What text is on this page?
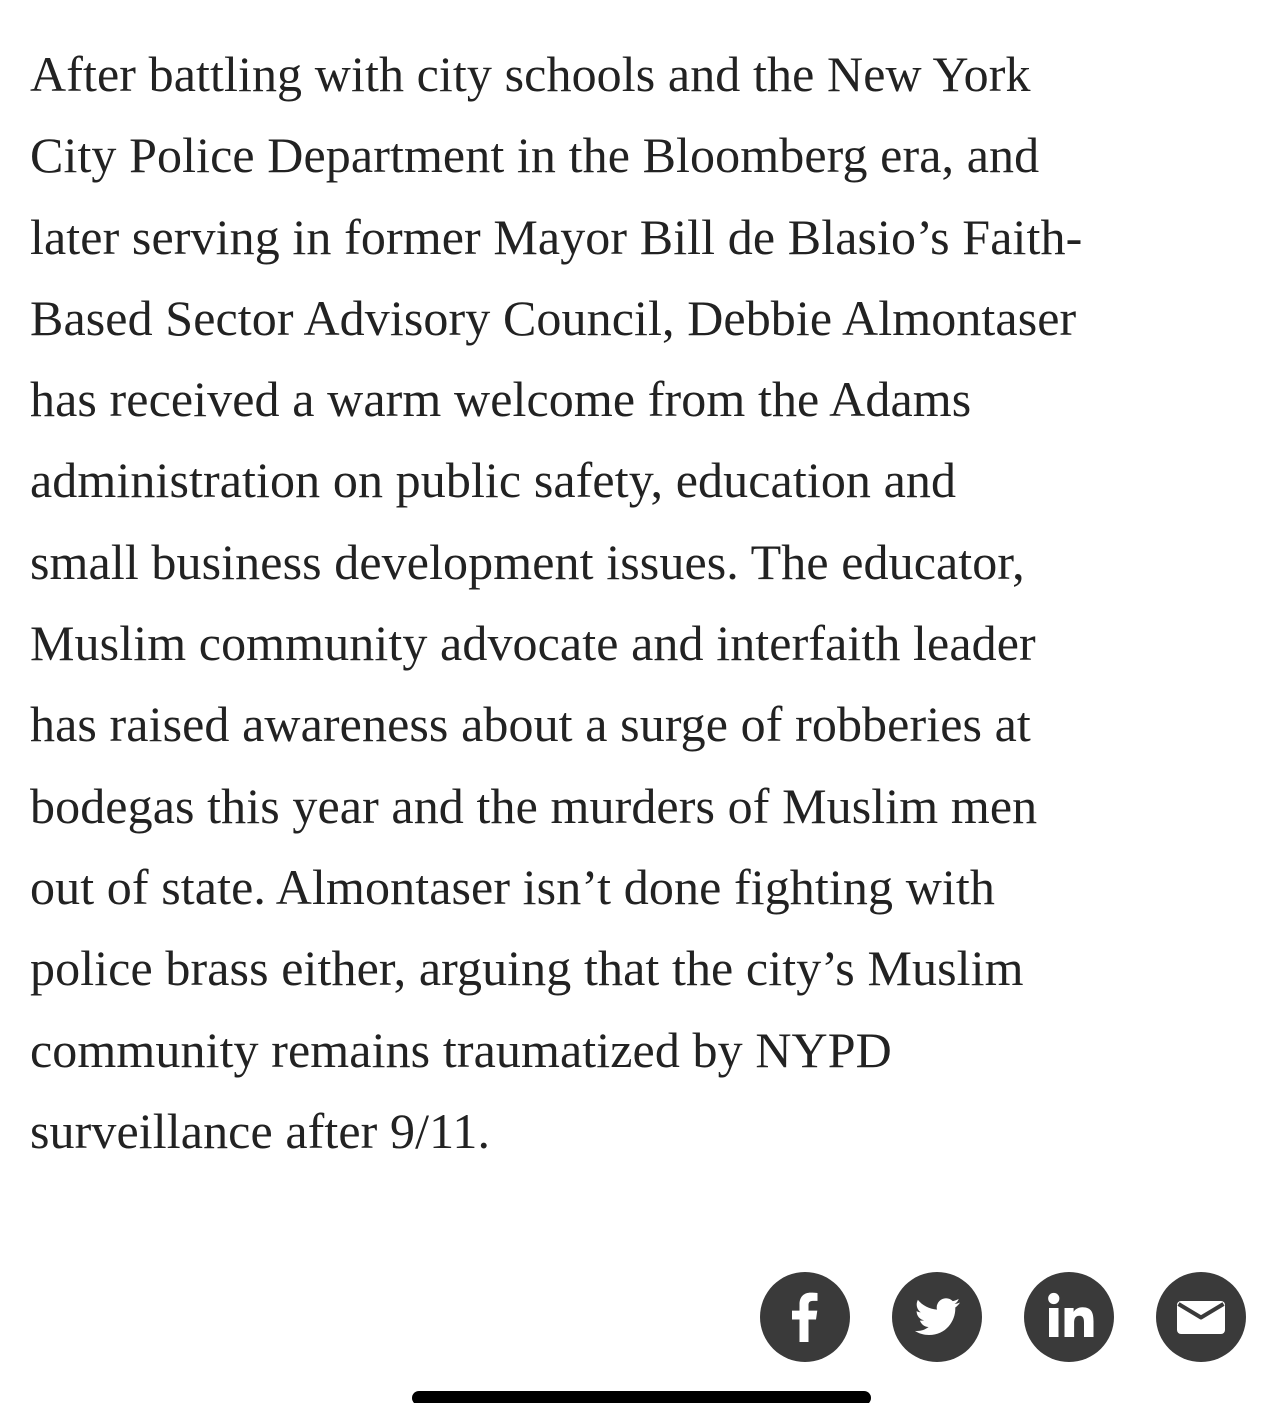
After battling with city schools and the New York
City Police Department in the Bloomberg era, and
later serving in former Mayor Bill de Blasio’s Faith-
Based Sector Advisory Council, Debbie Almontaser
has received a warm welcome from the Adams
administration on public safety, education and
small business development issues. The educator,
Muslim community advocate and interfaith leader
has raised awareness about a surge of robberies at
bodegas this year and the murders of Muslim men
out of state. Almontaser isn’t done fighting with
police brass either, arguing that the city’s Muslim
community remains traumatized by NYPD
surveillance after 9/11.
